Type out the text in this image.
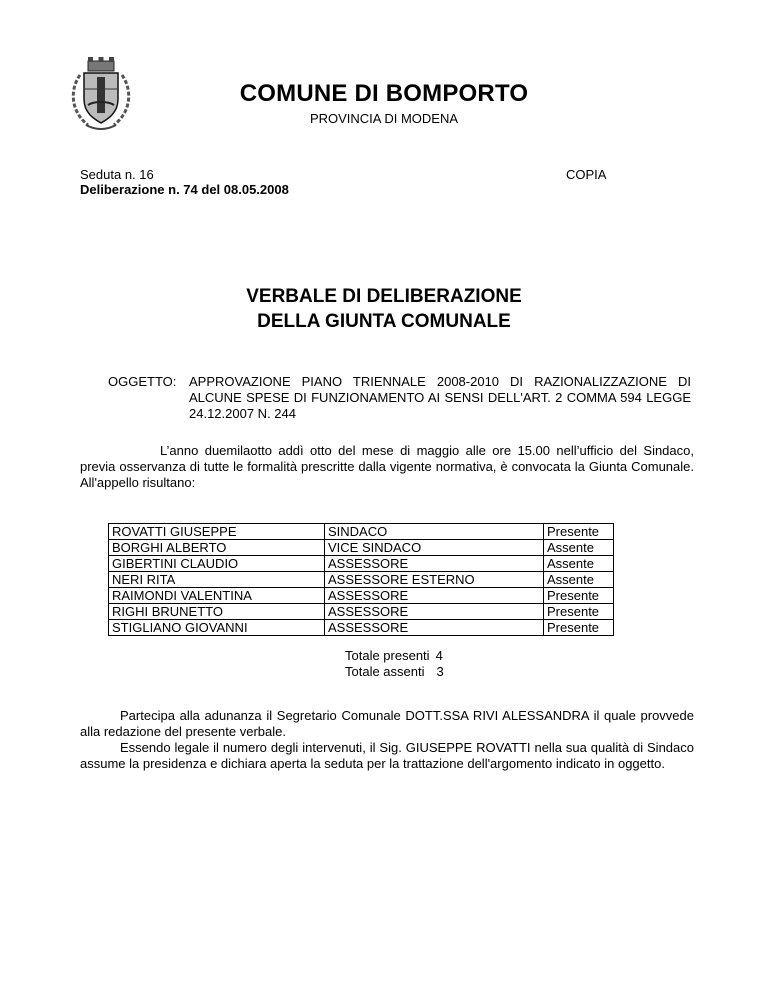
COMUNE DI BOMPORTO
PROVINCIA DI MODENA
Seduta n. 16
Deliberazione n. 74 del 08.05.2008
COPIA
VERBALE DI DELIBERAZIONE
DELLA GIUNTA COMUNALE
OGGETTO: APPROVAZIONE PIANO TRIENNALE 2008-2010 DI RAZIONALIZZAZIONE DI ALCUNE SPESE DI FUNZIONAMENTO AI SENSI DELL'ART. 2 COMMA 594 LEGGE 24.12.2007 N. 244
L’anno duemilaotto addì otto del mese di maggio alle ore 15.00 nell’ufficio del Sindaco, previa osservanza di tutte le formalità prescritte dalla vigente normativa, è convocata la Giunta Comunale. All'appello risultano:
ROVATTI GIUSEPPE	SINDACO	Presente
BORGHI ALBERTO	VICE SINDACO	Assente
GIBERTINI CLAUDIO	ASSESSORE	Assente
NERI RITA	ASSESSORE ESTERNO	Assente
RAIMONDI VALENTINA	ASSESSORE	Presente
RIGHI BRUNETTO	ASSESSORE	Presente
STIGLIANO GIOVANNI	ASSESSORE	Presente
Totale presenti 4
Totale assenti 3

Partecipa alla adunanza il Segretario Comunale DOTT.SSA RIVI ALESSANDRA il quale provvede alla redazione del presente verbale.

Essendo legale il numero degli intervenuti, il Sig. GIUSEPPE ROVATTI nella sua qualità di Sindaco assume la presidenza e dichiara aperta la seduta per la trattazione dell'argomento indicato in oggetto.
